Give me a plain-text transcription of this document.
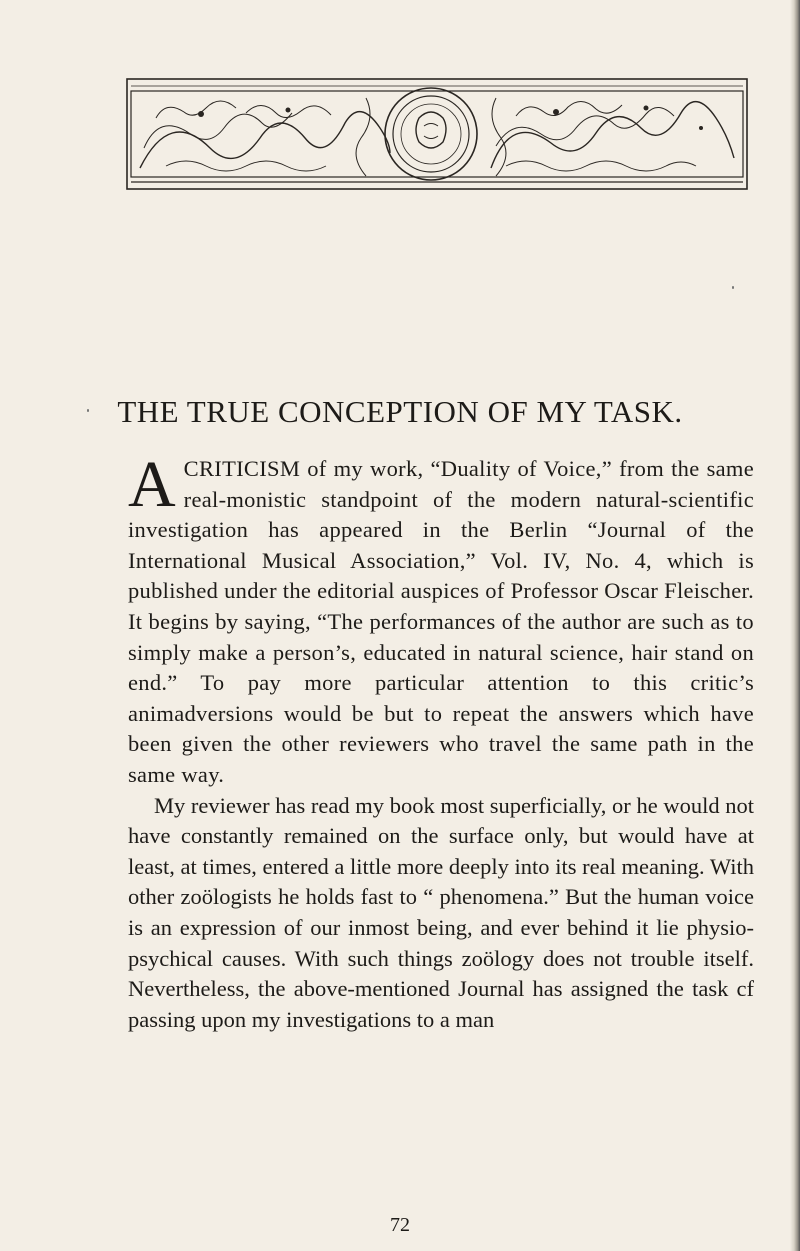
THE TRUE CONCEPTION OF MY TASK.

ACRITICISM of my work, “Duality of Voice,” from the same real-monistic standpoint of the modern natural-scientific investigation has appeared in the Berlin “Journal of the International Musical Association,” Vol. IV, No. 4, which is published under the editorial auspices of Professor Oscar Fleischer. It begins by saying, “The performances of the author are such as to simply make a person’s, educated in natural science, hair stand on end.” To pay more particular attention to this critic’s animadversions would be but to repeat the answers which have been given the other reviewers who travel the same path in the same way.

My reviewer has read my book most superficially, or he would not have constantly remained on the surface only, but would have at least, at times, entered a little more deeply into its real meaning. With other zoölogists he holds fast to “ phenomena.” But the human voice is an expression of our inmost being, and ever behind it lie physio-psychical causes. With such things zoölogy does not trouble itself. Nevertheless, the above-mentioned Journal has assigned the task cf passing upon my investigations to a man

72
